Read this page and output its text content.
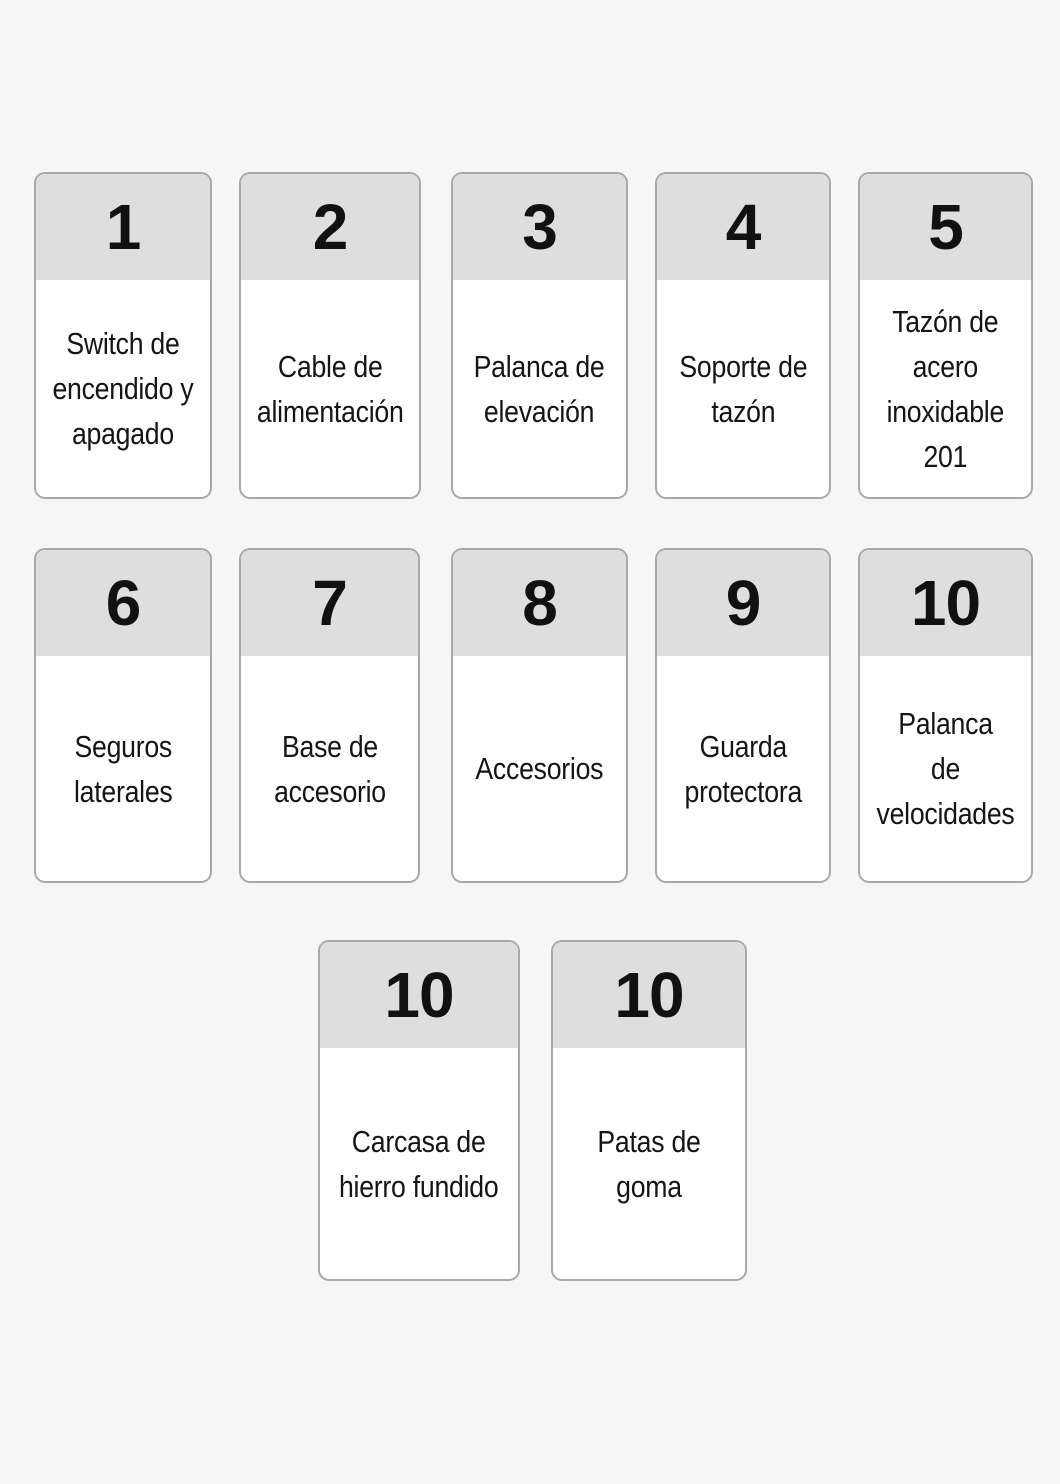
1
Switch de
encendido y
apagado
2
Cable de
alimentación
3
Palanca de
elevación
4
Soporte de
tazón
5
Tazón de
acero
inoxidable
201
6
Seguros
laterales
7
Base de
accesorio
8
Accesorios
9
Guarda
protectora
10
Palanca
de velocidades
10
Carcasa de
hierro fundido
10
Patas de goma
